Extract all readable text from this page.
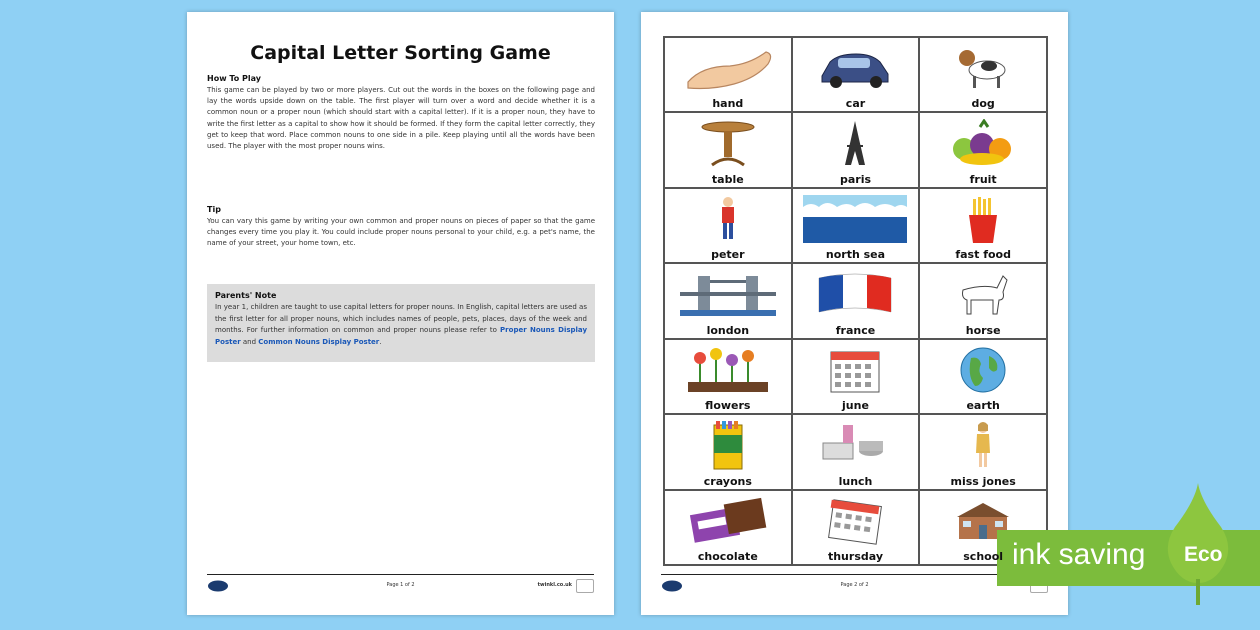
Capital Letter Sorting Game
How To Play
This game can be played by two or more players. Cut out the words in the boxes on the following page and lay the words upside down on the table. The first player will turn over a word and decide whether it is a common noun or a proper noun (which should start with a capital letter). If it is a proper noun, they have to write the first letter as a capital to show how it should be formed. If they form the capital letter correctly, they get to keep that word. Place common nouns to one side in a pile. Keep playing until all the words have been used. The player with the most proper nouns wins.
Tip
You can vary this game by writing your own common and proper nouns on pieces of paper so that the game changes every time you play it. You could include proper nouns personal to your child, e.g. a pet's name, the name of your street, your home town, etc.
Parents' Note
In year 1, children are taught to use capital letters for proper nouns. In English, capital letters are used as the first letter for all proper nouns, which includes names of people, pets, places, days of the week and months. For further information on common and proper nouns please refer to Proper Nouns Display Poster and Common Nouns Display Poster.
Page 1 of 2	twinkl.co.uk
hand	car	dog
table	paris	fruit
peter	north sea	fast food
london	france	horse
flowers	june	earth
crayons	lunch	miss jones
chocolate	thursday	school
Page 2 of 2
ink saving Eco
